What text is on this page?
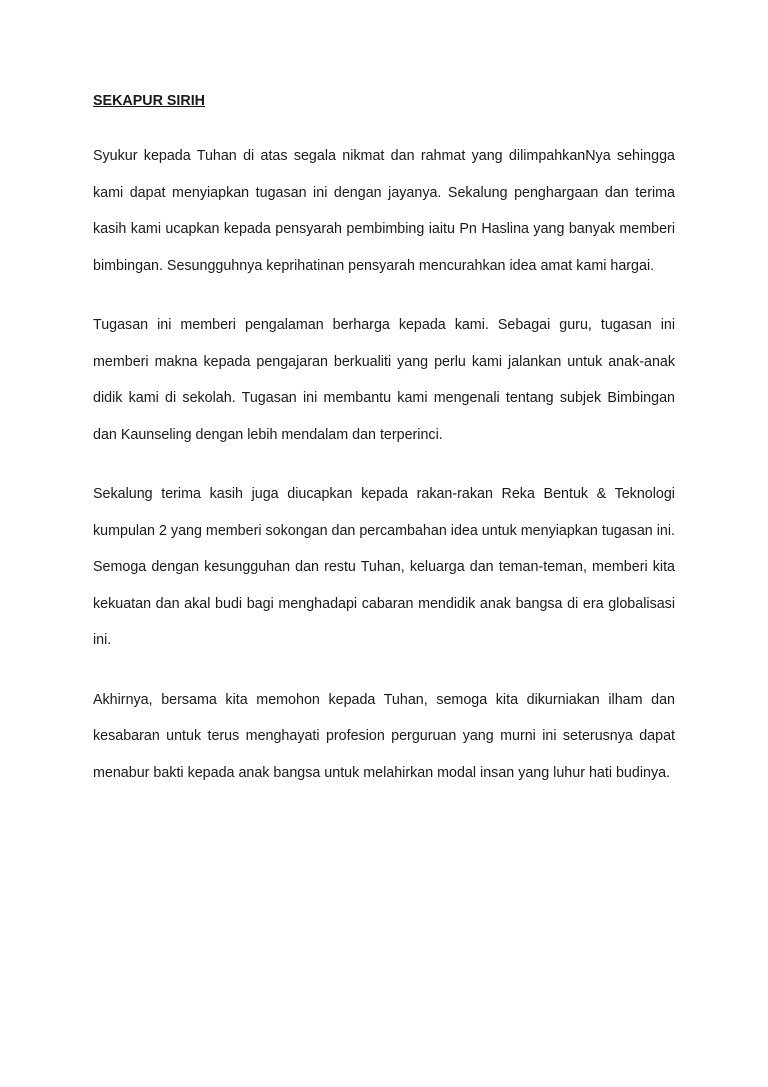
SEKAPUR SIRIH

Syukur kepada Tuhan di atas segala nikmat dan rahmat yang dilimpahkanNya sehingga kami dapat menyiapkan tugasan ini dengan jayanya. Sekalung penghargaan dan terima kasih kami ucapkan kepada pensyarah pembimbing iaitu Pn Haslina yang banyak memberi bimbingan. Sesungguhnya keprihatinan pensyarah mencurahkan idea amat kami hargai.

Tugasan ini memberi pengalaman berharga kepada kami. Sebagai guru, tugasan ini memberi makna kepada pengajaran berkualiti yang perlu kami jalankan untuk anak-anak didik kami di sekolah. Tugasan ini membantu kami mengenali tentang subjek Bimbingan dan Kaunseling dengan lebih mendalam dan terperinci.

Sekalung terima kasih juga diucapkan kepada rakan-rakan Reka Bentuk & Teknologi kumpulan 2 yang memberi sokongan dan percambahan idea untuk menyiapkan tugasan ini. Semoga dengan kesungguhan dan restu Tuhan, keluarga dan teman-teman, memberi kita kekuatan dan akal budi bagi menghadapi cabaran mendidik anak bangsa di era globalisasi ini.

Akhirnya, bersama kita memohon kepada Tuhan, semoga kita dikurniakan ilham dan kesabaran untuk terus menghayati profesion perguruan yang murni ini seterusnya dapat menabur bakti kepada anak bangsa untuk melahirkan modal insan yang luhur hati budinya.
